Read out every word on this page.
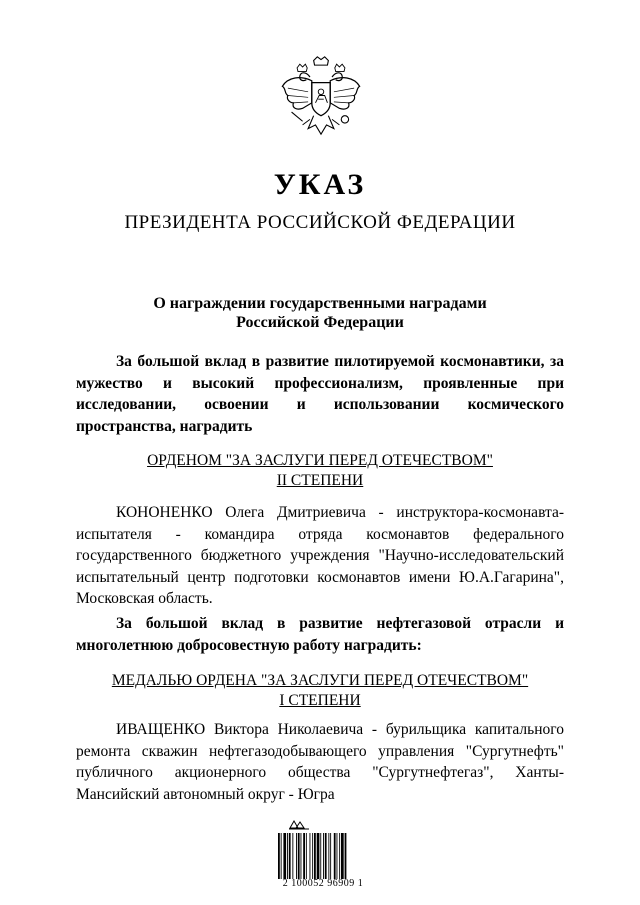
УКАЗ
ПРЕЗИДЕНТА РОССИЙСКОЙ ФЕДЕРАЦИИ
О награждении государственными наградами
Российской Федерации
За большой вклад в развитие пилотируемой космонавтики, за мужество и высокий профессионализм, проявленные при исследовании, освоении и использовании космического пространства, наградить
ОРДЕНОМ "ЗА ЗАСЛУГИ ПЕРЕД ОТЕЧЕСТВОМ"
II СТЕПЕНИ
КОНОНЕНКО Олега Дмитриевича - инструктора-космонавта-испытателя - командира отряда космонавтов федерального государственного бюджетного учреждения "Научно-исследовательский испытательный центр подготовки космонавтов имени Ю.А.Гагарина", Московская область.
За большой вклад в развитие нефтегазовой отрасли и многолетнюю добросовестную работу наградить:
МЕДАЛЬЮ ОРДЕНА "ЗА ЗАСЛУГИ ПЕРЕД ОТЕЧЕСТВОМ"
I СТЕПЕНИ
ИВАЩЕНКО Виктора Николаевича - бурильщика капитального ремонта скважин нефтегазодобывающего управления "Сургутнефть" публичного акционерного общества "Сургутнефтегаз", Ханты-Мансийский автономный округ - Югра
2 100052 96909 1
